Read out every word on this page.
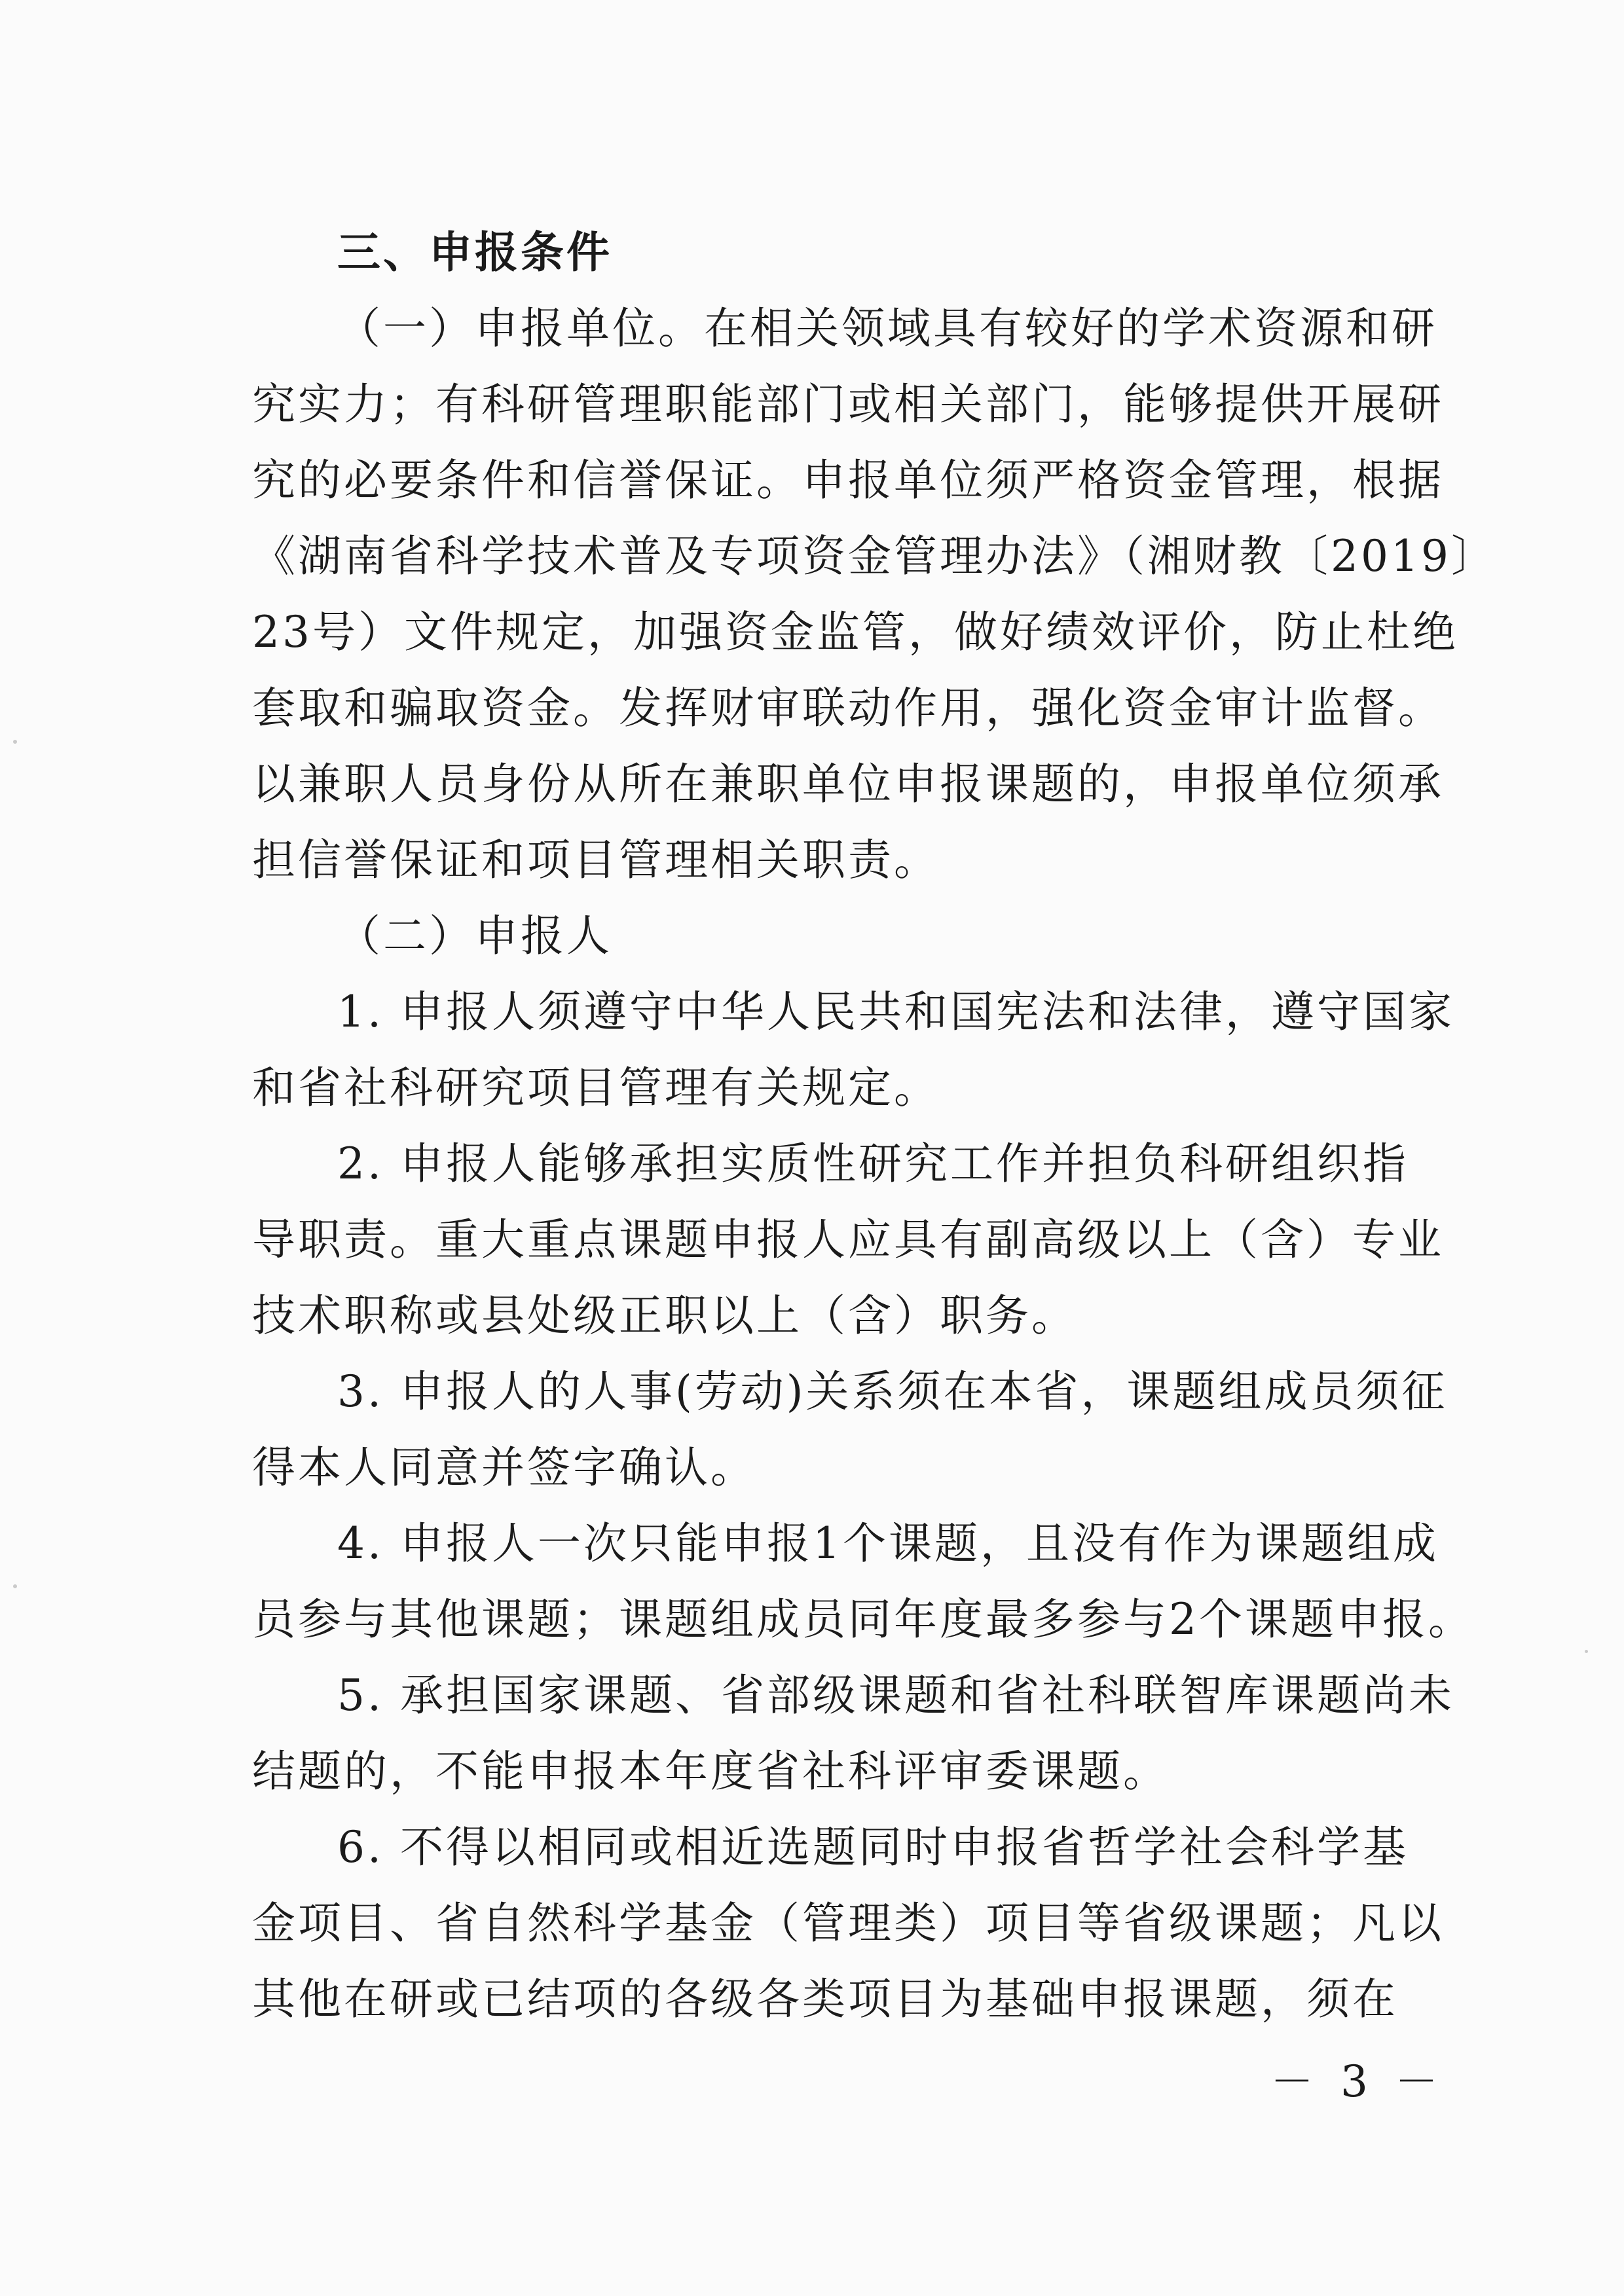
三、申报条件
（一）申报单位。在相关领域具有较好的学术资源和研
究实力；有科研管理职能部门或相关部门，能够提供开展研
究的必要条件和信誉保证。申报单位须严格资金管理，根据
《湖南省科学技术普及专项资金管理办法》（湘财教〔2019〕
23号）文件规定，加强资金监管，做好绩效评价，防止杜绝
套取和骗取资金。发挥财审联动作用，强化资金审计监督。
以兼职人员身份从所在兼职单位申报课题的，申报单位须承
担信誉保证和项目管理相关职责。
（二）申报人
1. 申报人须遵守中华人民共和国宪法和法律，遵守国家
和省社科研究项目管理有关规定。
2. 申报人能够承担实质性研究工作并担负科研组织指
导职责。重大重点课题申报人应具有副高级以上（含）专业
技术职称或县处级正职以上（含）职务。
3. 申报人的人事(劳动)关系须在本省，课题组成员须征
得本人同意并签字确认。
4. 申报人一次只能申报1个课题，且没有作为课题组成
员参与其他课题；课题组成员同年度最多参与2个课题申报。
5. 承担国家课题、省部级课题和省社科联智库课题尚未
结题的，不能申报本年度省社科评审委课题。
6. 不得以相同或相近选题同时申报省哲学社会科学基
金项目、省自然科学基金（管理类）项目等省级课题；凡以
其他在研或已结项的各级各类项目为基础申报课题，须在
－ 3 －
